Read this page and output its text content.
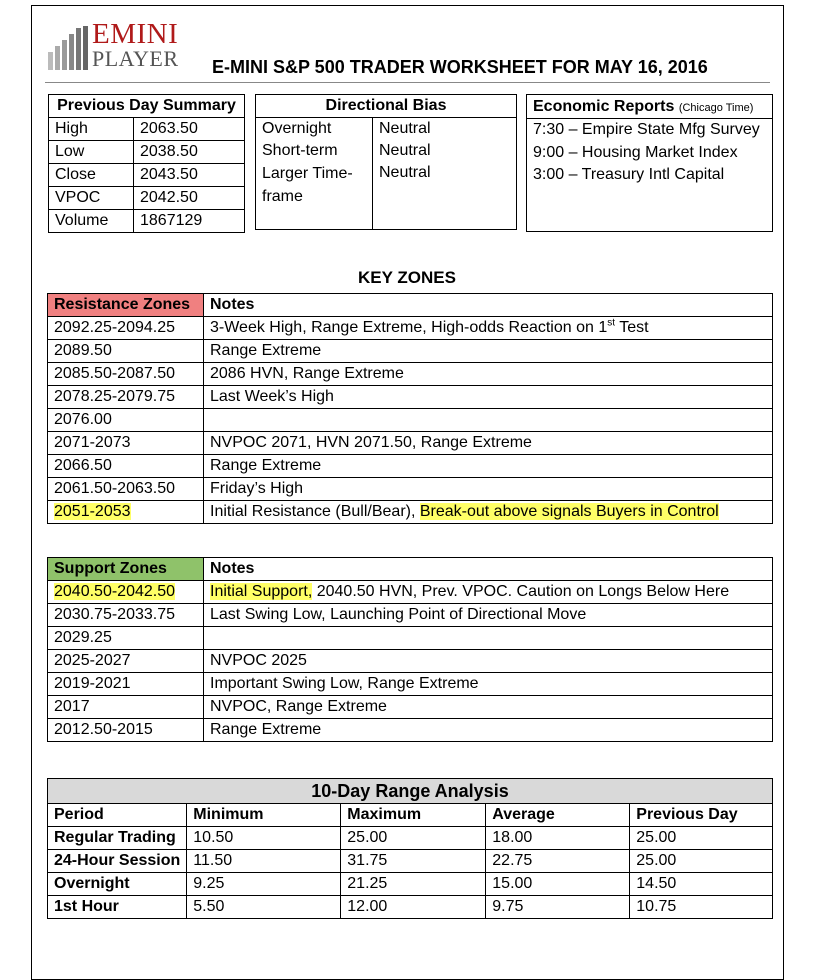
EMINI
PLAYER E-MINI S&P 500 TRADER WORKSHEET FOR MAY 16, 2016
Previous Day Summary	
High	2063.50
Low	2038.50
Close	2043.50
VPOC	2042.50
Volume	1867129
Directional Bias	
Overnight	Neutral
Short-term	Neutral
Larger Time-frame	Neutral
Economic Reports (Chicago Time)
7:30 – Empire State Mfg Survey
9:00 – Housing Market Index
3:00 – Treasury Intl Capital
KEY ZONES
Resistance Zones	Notes
2092.25-2094.25	3-Week High, Range Extreme, High-odds Reaction on 1st Test
2089.50	Range Extreme
2085.50-2087.50	2086 HVN, Range Extreme
2078.25-2079.75	Last Week’s High
2076.00	
2071-2073	NVPOC 2071, HVN 2071.50, Range Extreme
2066.50	Range Extreme
2061.50-2063.50	Friday’s High
2051-2053	Initial Resistance (Bull/Bear), Break-out above signals Buyers in Control
Support Zones	Notes
2040.50-2042.50	Initial Support, 2040.50 HVN, Prev. VPOC. Caution on Longs Below Here
2030.75-2033.75	Last Swing Low, Launching Point of Directional Move
2029.25	
2025-2027	NVPOC 2025
2019-2021	Important Swing Low, Range Extreme
2017	NVPOC, Range Extreme
2012.50-2015	Range Extreme
10-Day Range Analysis				
Period	Minimum	Maximum	Average	Previous Day
Regular Trading	10.50	25.00	18.00	25.00
24-Hour Session	11.50	31.75	22.75	25.00
Overnight	9.25	21.25	15.00	14.50
1st Hour	5.50	12.00	9.75	10.75
